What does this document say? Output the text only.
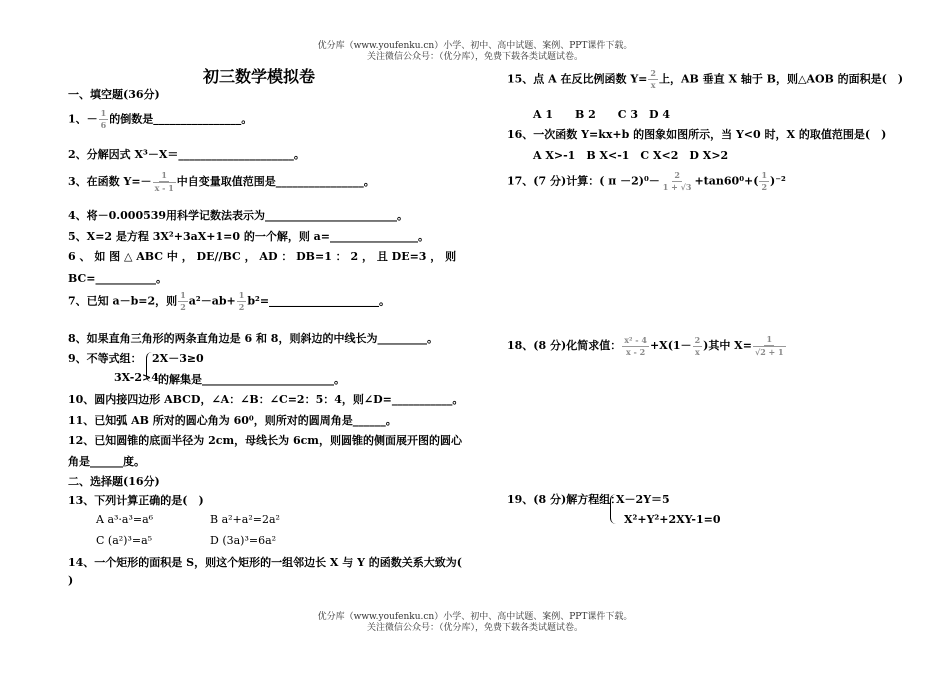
优分库（www.youfenku.cn）小学、初中、高中试题、案例、PPT课件下载。
关注微信公众号：（优分库），免费下载各类试题试卷。
优分库（www.youfenku.cn）小学、初中、高中试题、案例、PPT课件下载。
关注微信公众号：（优分库），免费下载各类试题试卷。
初三数学模拟卷
一、填空题(36分)
1、－ $\frac{1}{6}$ 的倒数是________________。
2、分解因式 X³－X＝_____________________。
3、在函数 $Y=- \frac{1}{x - 1}$ 中自变量取值范围是________________。
4、将－0.000539用科学记数法表示为________________________。
5、X=2 是方程 3X²+3aX+1=0 的一个解，则 a=________________。
6 、 如 图 △ ABC 中 ， DE//BC ， AD ： DB=1 ： 2 ， 且 DE=3 ， 则
BC=___________。
7、已知 a－b=2，则 $\frac{1}{2} a^2-ab+ \frac{1}{2}$ b²=____________________。
8、如果直角三角形的两条直角边是 6 和 8，则斜边的中线长为_________。
9、不等式组： 2X－3≥0
3X-2>4 的解集是________________________。
10、圆内接四边形 ABCD，∠A：∠B：∠C=2：5：4，则∠D=___________。
11、已知弧 AB 所对的圆心角为 60⁰，则所对的圆周角是______。
12、已知圆锥的底面半径为 2cm，母线长为 6cm，则圆锥的侧面展开图的圆心
角是______度。
二、选择题(16分)
13、下列计算正确的是(　)
A a³·a³=a⁶	B a²+a²=2a²
C (a²)³=a⁵	D (3a)³=6a²
14、一个矩形的面积是 S，则这个矩形的一组邻边长 X 与 Y 的函数关系大致为(
)
15、点 A 在反比例函数 $Y= \frac{2}{x}$ 上，AB 垂直 X 轴于 B，则△AOB 的面积是(　)
A 1　　B 2　　C 3　D 4
16、一次函数 Y=kx+b 的图象如图所示，当 Y<0 时，X 的取值范围是(　)
A X>-1　B X<-1　C X<2　D X>2
17、(7 分)计算：( $\pi -2)^0- \frac{2}{1 + √3} +\tan 60^0+( \frac{1}{2} )^{-2}$
18、(8 分)化简求值： $\frac{\text{x² - 4}}{x - 2} +X(1- \frac{2}{x}$ )其中 $X= \frac{1}{√2 + 1}$
19、(8 分)解方程组：
X－2Y＝5
X²+Y²+2XY-1=0
